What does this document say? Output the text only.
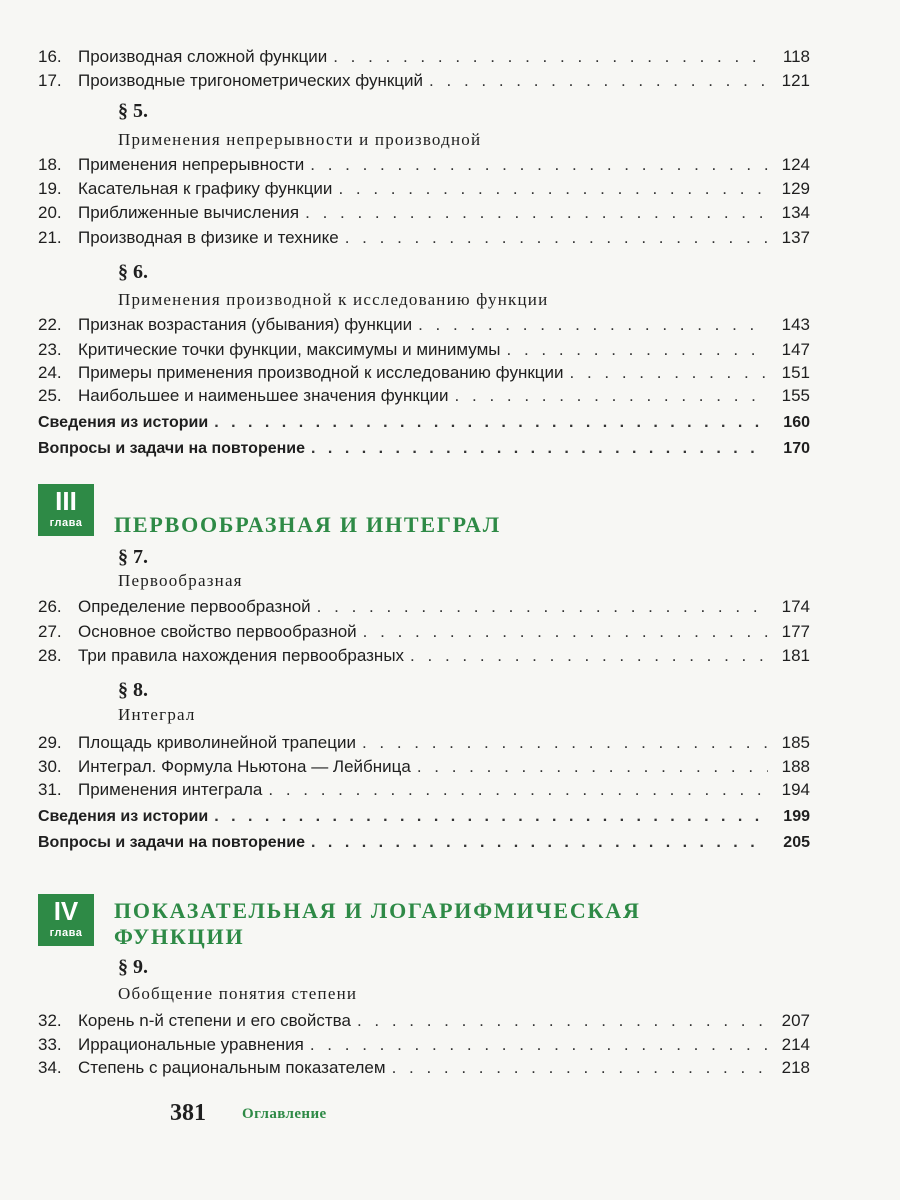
16. Производная сложной функции . . .	118
17. Производные тригонометрических функций . . .	121
§ 5.
Применения непрерывности и производной
18. Применения непрерывности . . .	124
19. Касательная к графику функции . . .	129
20. Приближенные вычисления . . .	134
21. Производная в физике и технике . . .	137
§ 6.
Применения производной к исследованию функции
22. Признак возрастания (убывания) функции . . .	143
23. Критические точки функции, максимумы и минимумы . . .	147
24. Примеры применения производной к исследованию функции . . .	151
25. Наибольшее и наименьшее значения функции . . .	155
Сведения из истории . . .	160
Вопросы и задачи на повторение . . .	170
III
глава	ПЕРВООБРАЗНАЯ И ИНТЕГРАЛ
§ 7.
Первообразная
26. Определение первообразной . . .	174
27. Основное свойство первообразной . . .	177
28. Три правила нахождения первообразных . . .	181
§ 8.
Интеграл
29. Площадь криволинейной трапеции . . .	185
30. Интеграл. Формула Ньютона — Лейбница . . .	188
31. Применения интеграла . . .	194
Сведения из истории . . .	199
Вопросы и задачи на повторение . . .	205
IV
глава
ПОКАЗАТЕЛЬНАЯ И ЛОГАРИФМИЧЕСКАЯ
ФУНКЦИИ
§ 9.
Обобщение понятия степени
32. Корень n-й степени и его свойства . . .	207
33. Иррациональные уравнения . . .	214
34. Степень с рациональным показателем . . .	218
381 Оглавление
